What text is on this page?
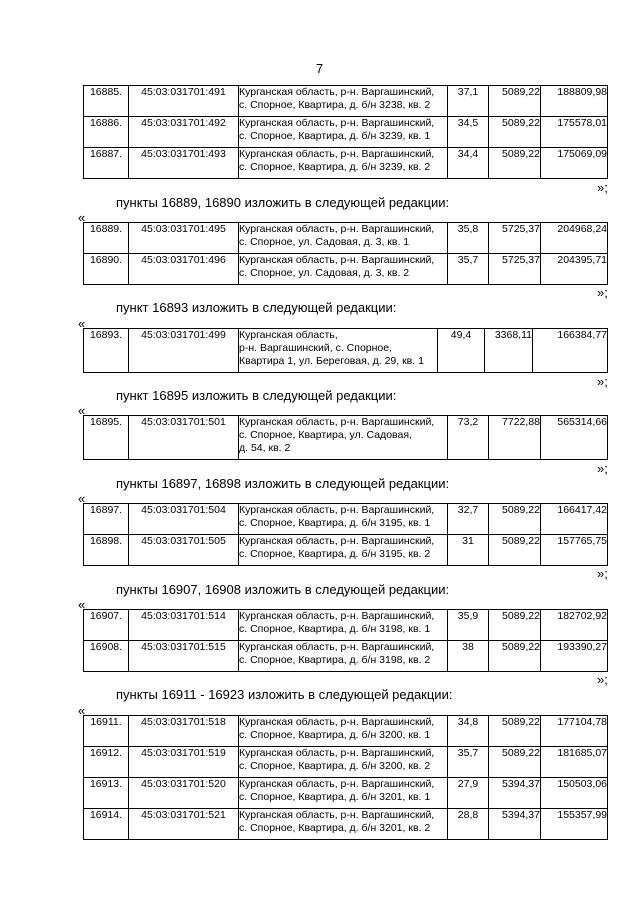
7
16885.	45:03:031701:491	Курганская область, р-н. Варгашинский,
с. Спорное, Квартира, д. б/н 3238, кв. 2	37,1	5089,22	188809,98
16886.	45:03:031701:492	Курганская область, р-н. Варгашинский,
с. Спорное, Квартира, д. б/н 3239, кв. 1	34,5	5089,22	175578,01
16887.	45:03:031701:493	Курганская область, р-н. Варгашинский,
с. Спорное, Квартира, д. б/н 3239, кв. 2	34,4	5089,22	175069,09
»;
пункты 16889, 16890 изложить в следующей редакции:
«
16889.	45:03:031701:495	Курганская область, р-н. Варгашинский,
с. Спорное, ул. Садовая, д. 3, кв. 1	35,8	5725,37	204968,24
16890.	45:03:031701:496	Курганская область, р-н. Варгашинский,
с. Спорное, ул. Садовая, д. 3, кв. 2	35,7	5725,37	204395,71
»;
пункт 16893 изложить в следующей редакции:
«
16893.	45:03:031701:499	Курганская область,
р-н. Варгашинский, с. Спорное,
Квартира 1, ул. Береговая, д. 29, кв. 1
	49,4	3368,11	166384,77
»;
пункт 16895 изложить в следующей редакции:
«
16895.	45:03:031701:501	Курганская область, р-н. Варгашинский,
с. Спорное, Квартира, ул. Садовая,
д. 54, кв. 2
	73,2	7722,88	565314,66
»;
пункты 16897, 16898 изложить в следующей редакции:
«
16897.	45:03:031701:504	Курганская область, р-н. Варгашинский,
с. Спорное, Квартира, д. б/н 3195, кв. 1	32,7	5089,22	166417,42
16898.	45:03:031701:505	Курганская область, р-н. Варгашинский,
с. Спорное, Квартира, д. б/н 3195, кв. 2	31	5089,22	157765,75
»;
пункты 16907, 16908 изложить в следующей редакции:
«
16907.	45:03:031701:514	Курганская область, р-н. Варгашинский,
с. Спорное, Квартира, д. б/н 3198, кв. 1	35,9	5089,22	182702,92
16908.	45:03:031701:515	Курганская область, р-н. Варгашинский,
с. Спорное, Квартира, д. б/н 3198, кв. 2	38	5089,22	193390,27
»;
пункты 16911 - 16923 изложить в следующей редакции:
«
16911.	45:03:031701:518	Курганская область, р-н. Варгашинский,
с. Спорное, Квартира, д. б/н 3200, кв. 1	34,8	5089,22	177104,78
16912.	45:03:031701:519	Курганская область, р-н. Варгашинский,
с. Спорное, Квартира, д. б/н 3200, кв. 2	35,7	5089,22	181685,07
16913.	45:03:031701:520	Курганская область, р-н. Варгашинский,
с. Спорное, Квартира, д. б/н 3201, кв. 1	27,9	5394,37	150503,06
16914.	45:03:031701:521	Курганская область, р-н. Варгашинский,
с. Спорное, Квартира, д. б/н 3201, кв. 2	28,8	5394,37	155357,99
